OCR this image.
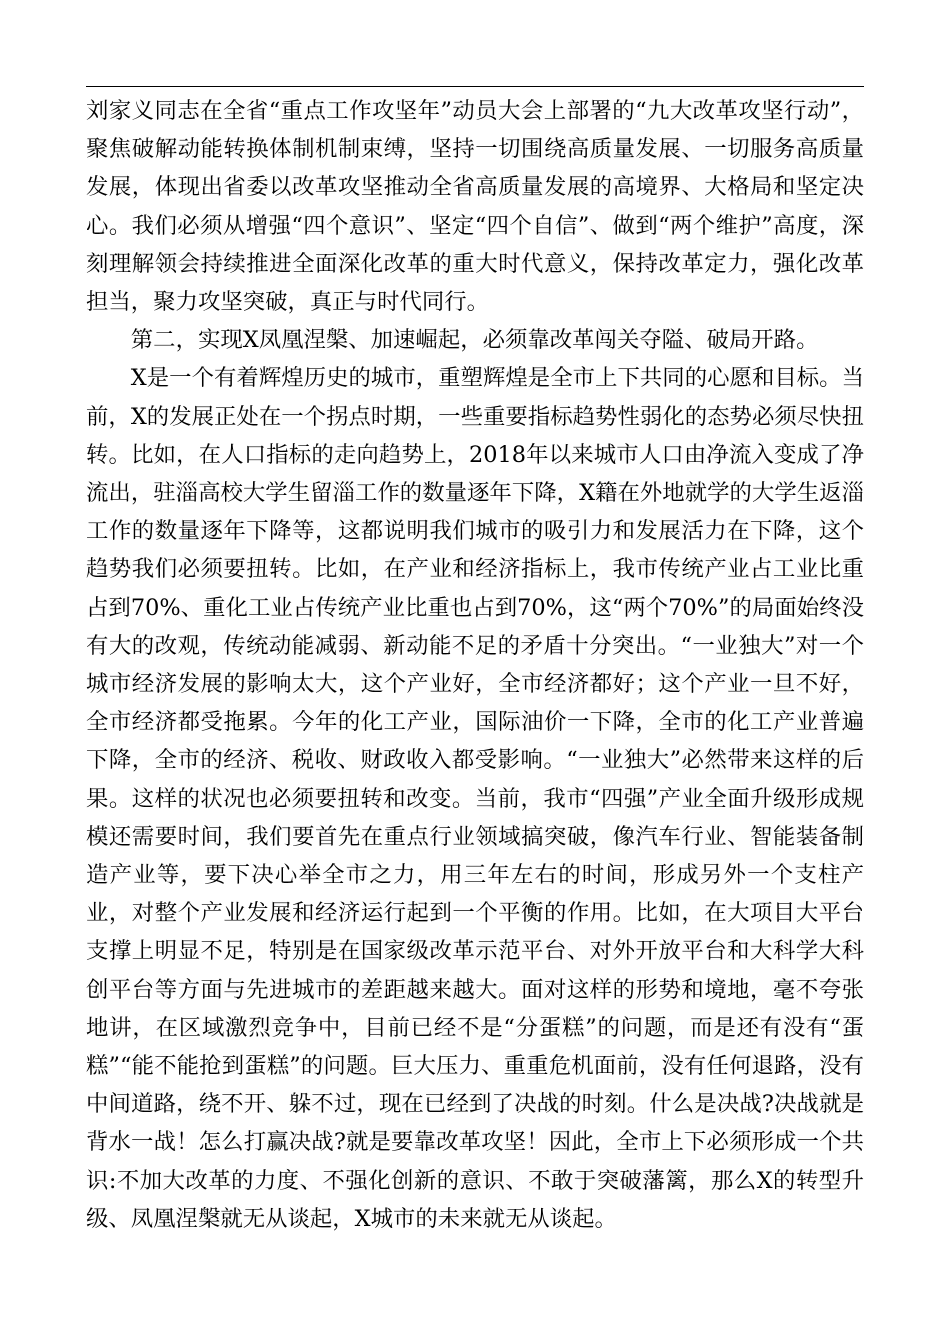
刘家义同志在全省“重点工作攻坚年”动员大会上部署的“九大改革攻坚行动”，聚焦破解动能转换体制机制束缚，坚持一切围绕高质量发展、一切服务高质量发展，体现出省委以改革攻坚推动全省高质量发展的高境界、大格局和坚定决心。我们必须从增强“四个意识”、坚定“四个自信”、做到“两个维护”高度，深刻理解领会持续推进全面深化改革的重大时代意义，保持改革定力，强化改革担当，聚力攻坚突破，真正与时代同行。

第二，实现X凤凰涅槃、加速崛起，必须靠改革闯关夺隘、破局开路。

X是一个有着辉煌历史的城市，重塑辉煌是全市上下共同的心愿和目标。当前，X的发展正处在一个拐点时期，一些重要指标趋势性弱化的态势必须尽快扭转。比如，在人口指标的走向趋势上，2018年以来城市人口由净流入变成了净流出，驻淄高校大学生留淄工作的数量逐年下降，X籍在外地就学的大学生返淄工作的数量逐年下降等，这都说明我们城市的吸引力和发展活力在下降，这个趋势我们必须要扭转。比如，在产业和经济指标上，我市传统产业占工业比重占到70%、重化工业占传统产业比重也占到70%，这“两个70%”的局面始终没有大的改观，传统动能减弱、新动能不足的矛盾十分突出。“一业独大”对一个城市经济发展的影响太大，这个产业好，全市经济都好；这个产业一旦不好，全市经济都受拖累。今年的化工产业，国际油价一下降，全市的化工产业普遍下降，全市的经济、税收、财政收入都受影响。“一业独大”必然带来这样的后果。这样的状况也必须要扭转和改变。当前，我市“四强”产业全面升级形成规模还需要时间，我们要首先在重点行业领域搞突破，像汽车行业、智能装备制造产业等，要下决心举全市之力，用三年左右的时间，形成另外一个支柱产业，对整个产业发展和经济运行起到一个平衡的作用。比如，在大项目大平台支撑上明显不足，特别是在国家级改革示范平台、对外开放平台和大科学大科创平台等方面与先进城市的差距越来越大。面对这样的形势和境地，毫不夸张地讲，在区域激烈竞争中，目前已经不是“分蛋糕”的问题，而是还有没有“蛋糕”“能不能抢到蛋糕”的问题。巨大压力、重重危机面前，没有任何退路，没有中间道路，绕不开、躲不过，现在已经到了决战的时刻。什么是决战?决战就是背水一战！怎么打赢决战?就是要靠改革攻坚！因此，全市上下必须形成一个共识:不加大改革的力度、不强化创新的意识、不敢于突破藩篱，那么X的转型升级、凤凰涅槃就无从谈起，X城市的未来就无从谈起。
